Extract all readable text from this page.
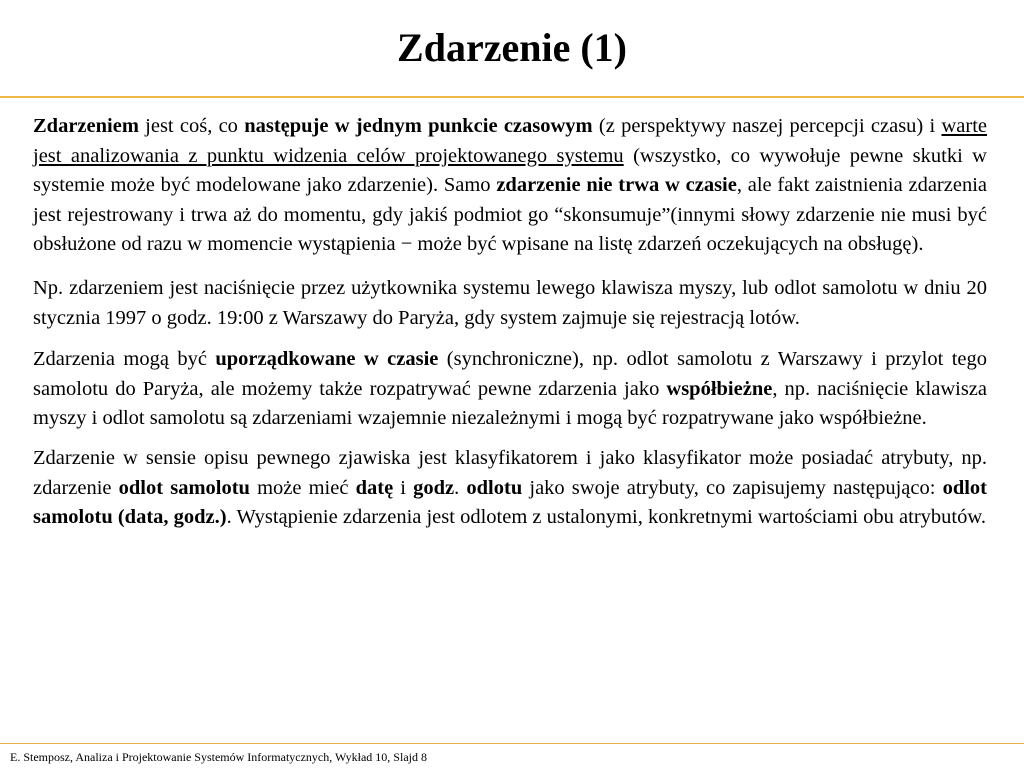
Zdarzenie (1)

Zdarzeniem jest coś, co następuje w jednym punkcie czasowym (z perspektywy naszej percepcji czasu) i warte jest analizowania z punktu widzenia celów projektowanego systemu (wszystko, co wywołuje pewne skutki w systemie może być modelowane jako zdarzenie). Samo zdarzenie nie trwa w czasie, ale fakt zaistnienia zdarzenia jest rejestrowany i trwa aż do momentu, gdy jakiś podmiot go “skonsumuje”(innymi słowy zdarzenie nie musi być obsłużone od razu w momencie wystąpienia − może być wpisane na listę zdarzeń oczekujących na obsługę).

Np. zdarzeniem jest naciśnięcie przez użytkownika systemu lewego klawisza myszy, lub odlot samolotu w dniu 20 stycznia 1997 o godz. 19:00 z Warszawy do Paryża, gdy system zajmuje się rejestracją lotów.

Zdarzenia mogą być uporządkowane w czasie (synchroniczne), np. odlot samolotu z Warszawy i przylot tego samolotu do Paryża, ale możemy także rozpatrywać pewne zdarzenia jako współbieżne, np. naciśnięcie klawisza myszy i odlot samolotu są zdarzeniami wzajemnie niezależnymi i mogą być rozpatrywane jako współbieżne.

Zdarzenie w sensie opisu pewnego zjawiska jest klasyfikatorem i jako klasyfikator może posiadać atrybuty, np. zdarzenie odlot samolotu może mieć datę i godz. odlotu jako swoje atrybuty, co zapisujemy następująco: odlot samolotu (data, godz.). Wystąpienie zdarzenia jest odlotem z ustalonymi, konkretnymi wartościami obu atrybutów.

E. Stemposz, Analiza i Projektowanie Systemów Informatycznych, Wykład 10, Slajd 8
